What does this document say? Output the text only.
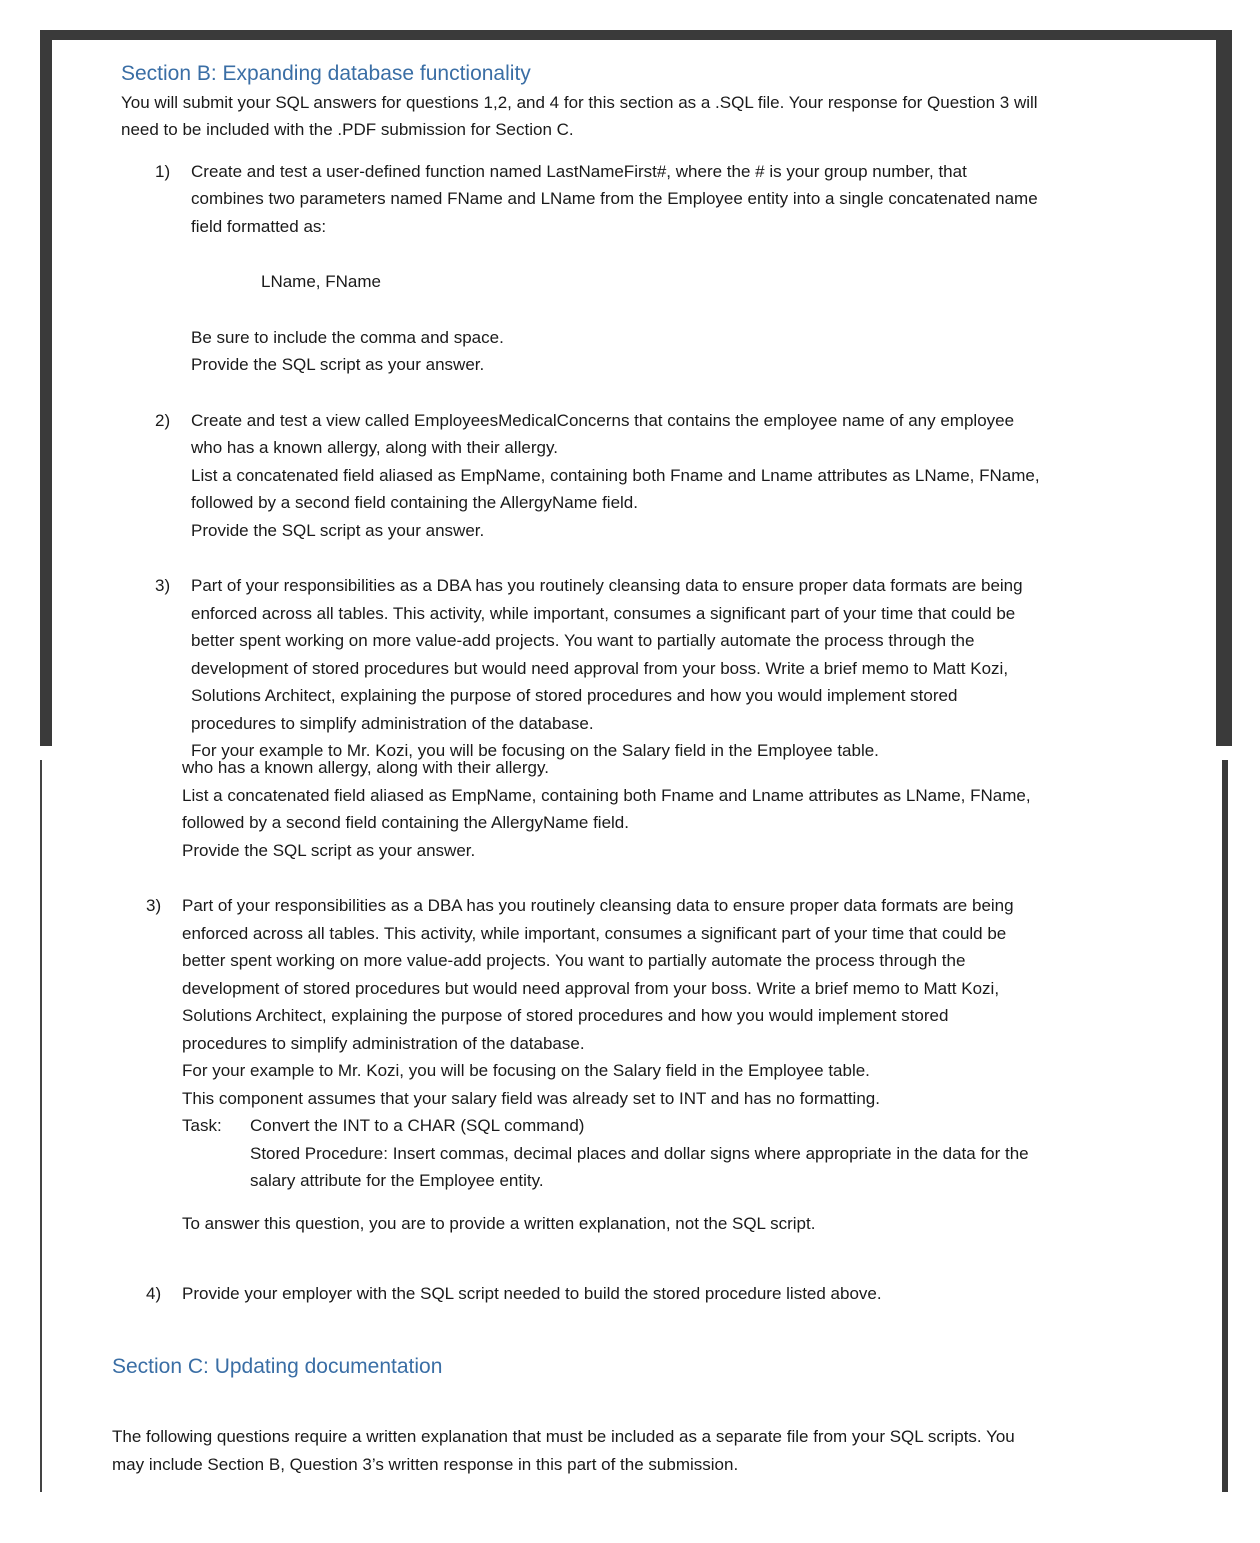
Section B: Expanding database functionality

You will submit your SQL answers for questions 1,2, and 4 for this section as a .SQL file. Your response for Question 3 will

need to be included with the .PDF submission for Section C.

1) Create and test a user-defined function named LastNameFirst#, where the # is your group number, that

combines two parameters named FName and LName from the Employee entity into a single concatenated name

field formatted as:

LName, FName

Be sure to include the comma and space.

Provide the SQL script as your answer.

2) Create and test a view called EmployeesMedicalConcerns that contains the employee name of any employee

who has a known allergy, along with their allergy.

List a concatenated field aliased as EmpName, containing both Fname and Lname attributes as LName, FName,

followed by a second field containing the AllergyName field.

Provide the SQL script as your answer.

3) Part of your responsibilities as a DBA has you routinely cleansing data to ensure proper data formats are being

enforced across all tables. This activity, while important, consumes a significant part of your time that could be

better spent working on more value-add projects. You want to partially automate the process through the

development of stored procedures but would need approval from your boss. Write a brief memo to Matt Kozi,

Solutions Architect, explaining the purpose of stored procedures and how you would implement stored

procedures to simplify administration of the database.

For your example to Mr. Kozi, you will be focusing on the Salary field in the Employee table.

who has a known allergy, along with their allergy.

List a concatenated field aliased as EmpName, containing both Fname and Lname attributes as LName, FName,

followed by a second field containing the AllergyName field.

Provide the SQL script as your answer.

3) Part of your responsibilities as a DBA has you routinely cleansing data to ensure proper data formats are being

enforced across all tables. This activity, while important, consumes a significant part of your time that could be

better spent working on more value-add projects. You want to partially automate the process through the

development of stored procedures but would need approval from your boss. Write a brief memo to Matt Kozi,

Solutions Architect, explaining the purpose of stored procedures and how you would implement stored

procedures to simplify administration of the database.

For your example to Mr. Kozi, you will be focusing on the Salary field in the Employee table.

This component assumes that your salary field was already set to INT and has no formatting.

Task:	Convert the INT to a CHAR (SQL command)

Stored Procedure: Insert commas, decimal places and dollar signs where appropriate in the data for the

salary attribute for the Employee entity.

To answer this question, you are to provide a written explanation, not the SQL script.

4) Provide your employer with the SQL script needed to build the stored procedure listed above.

Section C: Updating documentation

The following questions require a written explanation that must be included as a separate file from your SQL scripts. You

may include Section B, Question 3’s written response in this part of the submission.
